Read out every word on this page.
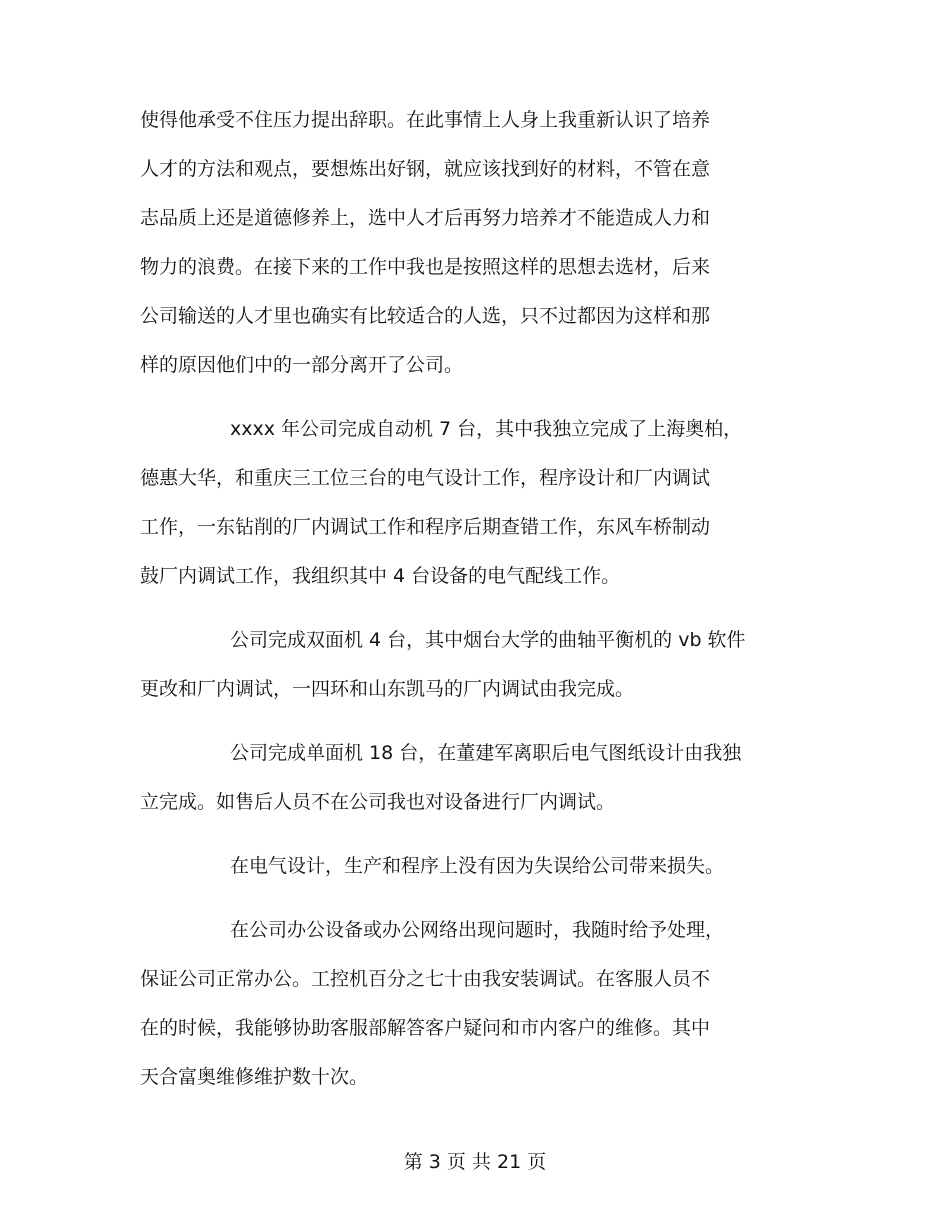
使得他承受不住压力提出辞职。在此事情上人身上我重新认识了培养
人才的方法和观点，要想炼出好钢，就应该找到好的材料，不管在意
志品质上还是道德修养上，选中人才后再努力培养才不能造成人力和
物力的浪费。在接下来的工作中我也是按照这样的思想去选材，后来
公司输送的人才里也确实有比较适合的人选，只不过都因为这样和那
样的原因他们中的一部分离开了公司。
xxxx 年公司完成自动机 7 台，其中我独立完成了上海奥柏，
德惠大华，和重庆三工位三台的电气设计工作，程序设计和厂内调试
工作，一东钻削的厂内调试工作和程序后期查错工作，东风车桥制动
鼓厂内调试工作，我组织其中 4 台设备的电气配线工作。
公司完成双面机 4 台，其中烟台大学的曲轴平衡机的 vb 软件
更改和厂内调试，一四环和山东凯马的厂内调试由我完成。
公司完成单面机 18 台，在董建军离职后电气图纸设计由我独
立完成。如售后人员不在公司我也对设备进行厂内调试。
在电气设计，生产和程序上没有因为失误给公司带来损失。
在公司办公设备或办公网络出现问题时，我随时给予处理，
保证公司正常办公。工控机百分之七十由我安装调试。在客服人员不
在的时候，我能够协助客服部解答客户疑问和市内客户的维修。其中
天合富奥维修维护数十次。
第 3 页 共 21 页
